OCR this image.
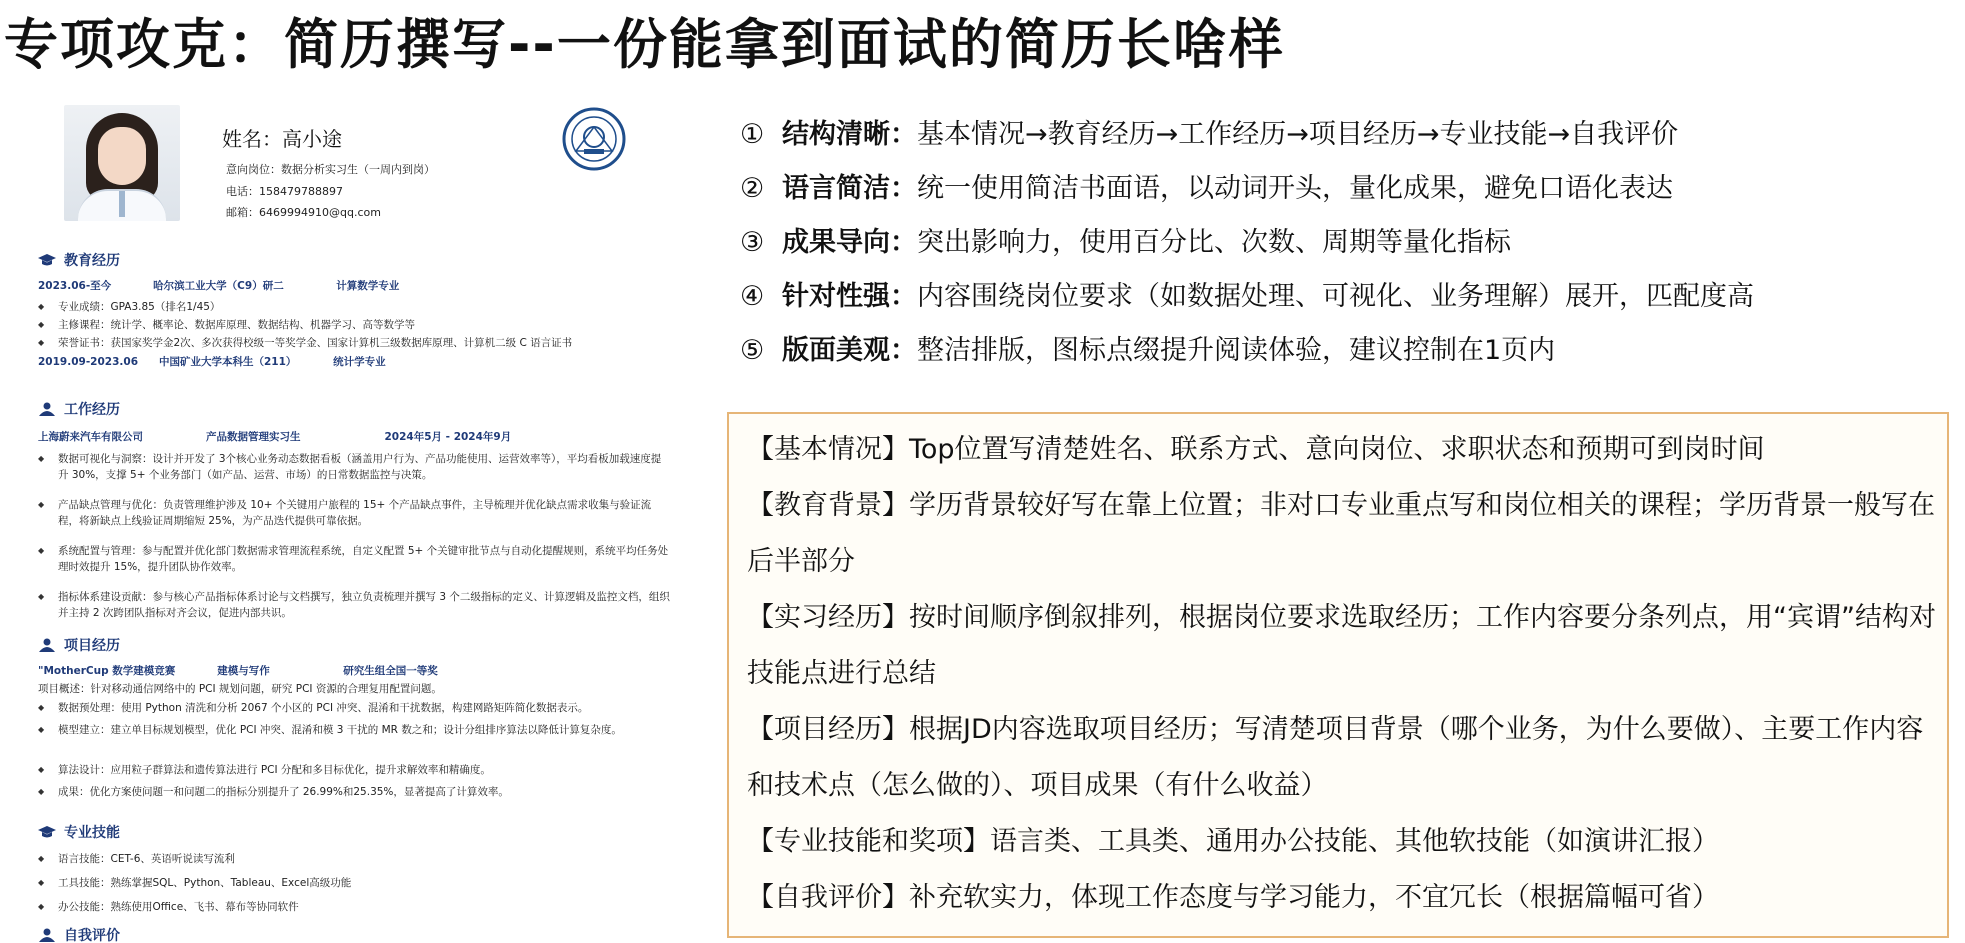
专项攻克：简历撰写--一份能拿到面试的简历长啥样
姓名：高小途
意向岗位：数据分析实习生（一周内到岗）
电话：158479788897
邮箱：6469994910@qq.com
教育经历
2023.06-至今　　　　哈尔滨工业大学（C9）研二　　　　　计算数学专业
◆ 专业成绩：GPA3.85（排名1/45）
◆ 主修课程：统计学、概率论、数据库原理、数据结构、机器学习、高等数学等
◆ 荣誉证书：获国家奖学金2次、多次获得校级一等奖学金、国家计算机三级数据库原理、计算机二级 C 语言证书
2019.09-2023.06　　中国矿业大学本科生（211）　　　　统计学专业
工作经历
上海蔚来汽车有限公司　　　　　　产品数据管理实习生　　　　　　　　2024年5月 - 2024年9月
◆ 数据可视化与洞察：设计并开发了 3个核心业务动态数据看板（涵盖用户行为、产品功能使用、运营效率等），平均看板加载速度提升 30%，支撑 5+ 个业务部门（如产品、运营、市场）的日常数据监控与决策。
◆ 产品缺点管理与优化：负责管理维护涉及 10+ 个关键用户旅程的 15+ 个产品缺点事件，主导梳理并优化缺点需求收集与验证流程，将新缺点上线验证周期缩短 25%，为产品迭代提供可靠依据。
◆ 系统配置与管理：参与配置并优化部门数据需求管理流程系统，自定义配置 5+ 个关键审批节点与自动化提醒规则，系统平均任务处理时效提升 15%，提升团队协作效率。
◆ 指标体系建设贡献：参与核心产品指标体系讨论与文档撰写，独立负责梳理并撰写 3 个二级指标的定义、计算逻辑及监控文档，组织并主持 2 次跨团队指标对齐会议，促进内部共识。
项目经历
"MotherCup 数学建模竞赛　　　　建模与写作　　　　　　　研究生组全国一等奖
项目概述：针对移动通信网络中的 PCI 规划问题，研究 PCI 资源的合理复用配置问题。
◆ 数据预处理：使用 Python 清洗和分析 2067 个小区的 PCI 冲突、混淆和干扰数据，构建网路矩阵简化数据表示。
◆ 模型建立：建立单目标规划模型，优化 PCI 冲突、混淆和模 3 干扰的 MR 数之和；设计分组排序算法以降低计算复杂度。
◆ 算法设计：应用粒子群算法和遗传算法进行 PCI 分配和多目标优化，提升求解效率和精确度。
◆ 成果：优化方案使问题一和问题二的指标分别提升了 26.99%和25.35%，显著提高了计算效率。
专业技能
◆ 语言技能：CET-6、英语听说读写流利
◆ 工具技能：熟练掌握SQL、Python、Tableau、Excel高级功能
◆ 办公技能：熟练使用Office、飞书、幕布等协同软件
自我评价
① 结构清晰：基本情况→教育经历→工作经历→项目经历→专业技能→自我评价
② 语言简洁：统一使用简洁书面语，以动词开头，量化成果，避免口语化表达
③ 成果导向：突出影响力，使用百分比、次数、周期等量化指标
④ 针对性强：内容围绕岗位要求（如数据处理、可视化、业务理解）展开，匹配度高
⑤ 版面美观：整洁排版，图标点缀提升阅读体验，建议控制在1页内
【基本情况】Top位置写清楚姓名、联系方式、意向岗位、求职状态和预期可到岗时间
【教育背景】学历背景较好写在靠上位置；非对口专业重点写和岗位相关的课程；学历背景一般写在后半部分
【实习经历】按时间顺序倒叙排列，根据岗位要求选取经历；工作内容要分条列点，用“宾谓”结构对技能点进行总结
【项目经历】根据JD内容选取项目经历；写清楚项目背景（哪个业务，为什么要做）、主要工作内容和技术点（怎么做的）、项目成果（有什么收益）
【专业技能和奖项】语言类、工具类、通用办公技能、其他软技能（如演讲汇报）
【自我评价】补充软实力，体现工作态度与学习能力，不宜冗长（根据篇幅可省）
